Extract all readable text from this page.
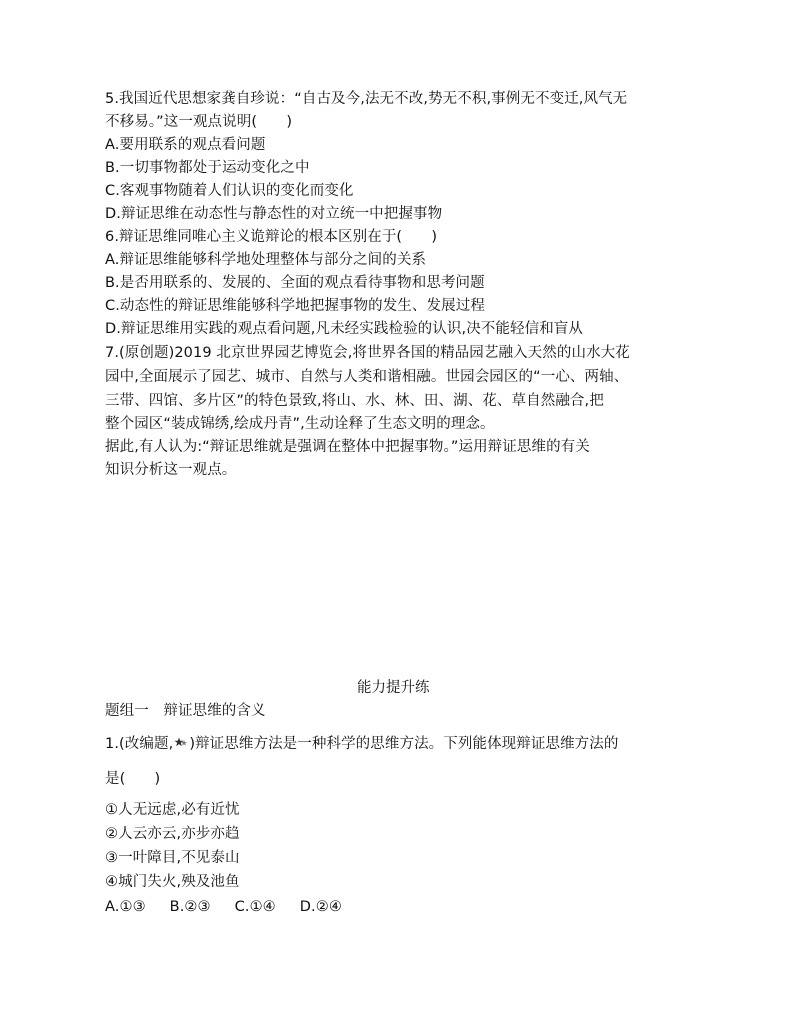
5.我国近代思想家龚自珍说：“自古及今,法无不改,势无不积,事例无不变迁,风气无
不移易。”这一观点说明(　　)
A.要用联系的观点看问题
B.一切事物都处于运动变化之中
C.客观事物随着人们认识的变化而变化
D.辩证思维在动态性与静态性的对立统一中把握事物
6.辩证思维同唯心主义诡辩论的根本区别在于(　　)
A.辩证思维能够科学地处理整体与部分之间的关系
B.是否用联系的、发展的、全面的观点看待事物和思考问题
C.动态性的辩证思维能够科学地把握事物的发生、发展过程
D.辩证思维用实践的观点看问题,凡未经实践检验的认识,决不能轻信和盲从
7.(原创题)2019 北京世界园艺博览会,将世界各国的精品园艺融入天然的山水大花
园中,全面展示了园艺、城市、自然与人类和谐相融。世园会园区的“一心、两轴、
三带、四馆、多片区”的特色景致,将山、水、林、田、湖、花、草自然融合,把
整个园区“装成锦绣,绘成丹青”,生动诠释了生态文明的理念。
据此,有人认为:“辩证思维就是强调在整体中把握事物。”运用辩证思维的有关
知识分析这一观点。
能力提升练
题组一　辩证思维的含义
1.(改编题, )辩证思维方法是一种科学的思维方法。下列能体现辩证思维方法的
是(　　)
①人无远虑,必有近忧
②人云亦云,亦步亦趋
③一叶障目,不见泰山
④城门失火,殃及池鱼
A.①③ B.②③ C.①④ D.②④
